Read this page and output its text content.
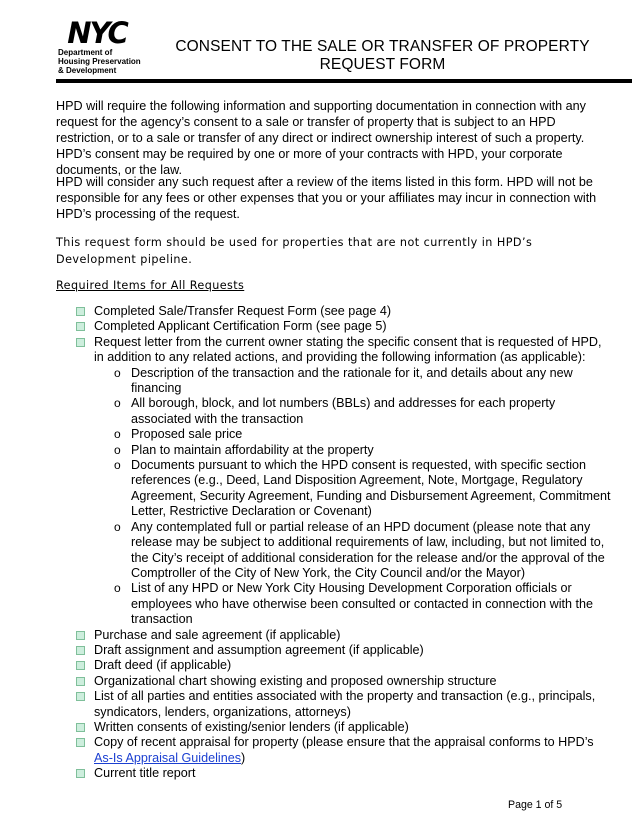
NYC
Department of
Housing Preservation
& Development
CONSENT TO THE SALE OR TRANSFER OF PROPERTY
REQUEST FORM
HPD will require the following information and supporting documentation in connection with any request for the agency’s consent to a sale or transfer of property that is subject to an HPD restriction, or to a sale or transfer of any direct or indirect ownership interest of such a property. HPD’s consent may be required by one or more of your contracts with HPD, your corporate documents, or the law.
HPD will consider any such request after a review of the items listed in this form. HPD will not be responsible for any fees or other expenses that you or your affiliates may incur in connection with HPD’s processing of the request.
This request form should be used for properties that are not currently in HPD’s Development pipeline.
Required Items for All Requests
Completed Sale/Transfer Request Form (see page 4)
Completed Applicant Certification Form (see page 5)
Request letter from the current owner stating the specific consent that is requested of HPD, in addition to any related actions, and providing the following information (as applicable):
o Description of the transaction and the rationale for it, and details about any new financing
o All borough, block, and lot numbers (BBLs) and addresses for each property associated with the transaction
o Proposed sale price
o Plan to maintain affordability at the property
o Documents pursuant to which the HPD consent is requested, with specific section references (e.g., Deed, Land Disposition Agreement, Note, Mortgage, Regulatory Agreement, Security Agreement, Funding and Disbursement Agreement, Commitment Letter, Restrictive Declaration or Covenant)
o Any contemplated full or partial release of an HPD document (please note that any release may be subject to additional requirements of law, including, but not limited to, the City’s receipt of additional consideration for the release and/or the approval of the Comptroller of the City of New York, the City Council and/or the Mayor)
o List of any HPD or New York City Housing Development Corporation officials or employees who have otherwise been consulted or contacted in connection with the transaction
Purchase and sale agreement (if applicable)
Draft assignment and assumption agreement (if applicable)
Draft deed (if applicable)
Organizational chart showing existing and proposed ownership structure
List of all parties and entities associated with the property and transaction (e.g., principals, syndicators, lenders, organizations, attorneys)
Written consents of existing/senior lenders (if applicable)
Copy of recent appraisal for property (please ensure that the appraisal conforms to HPD’s As-Is Appraisal Guidelines)
Current title report
Page 1 of 5
